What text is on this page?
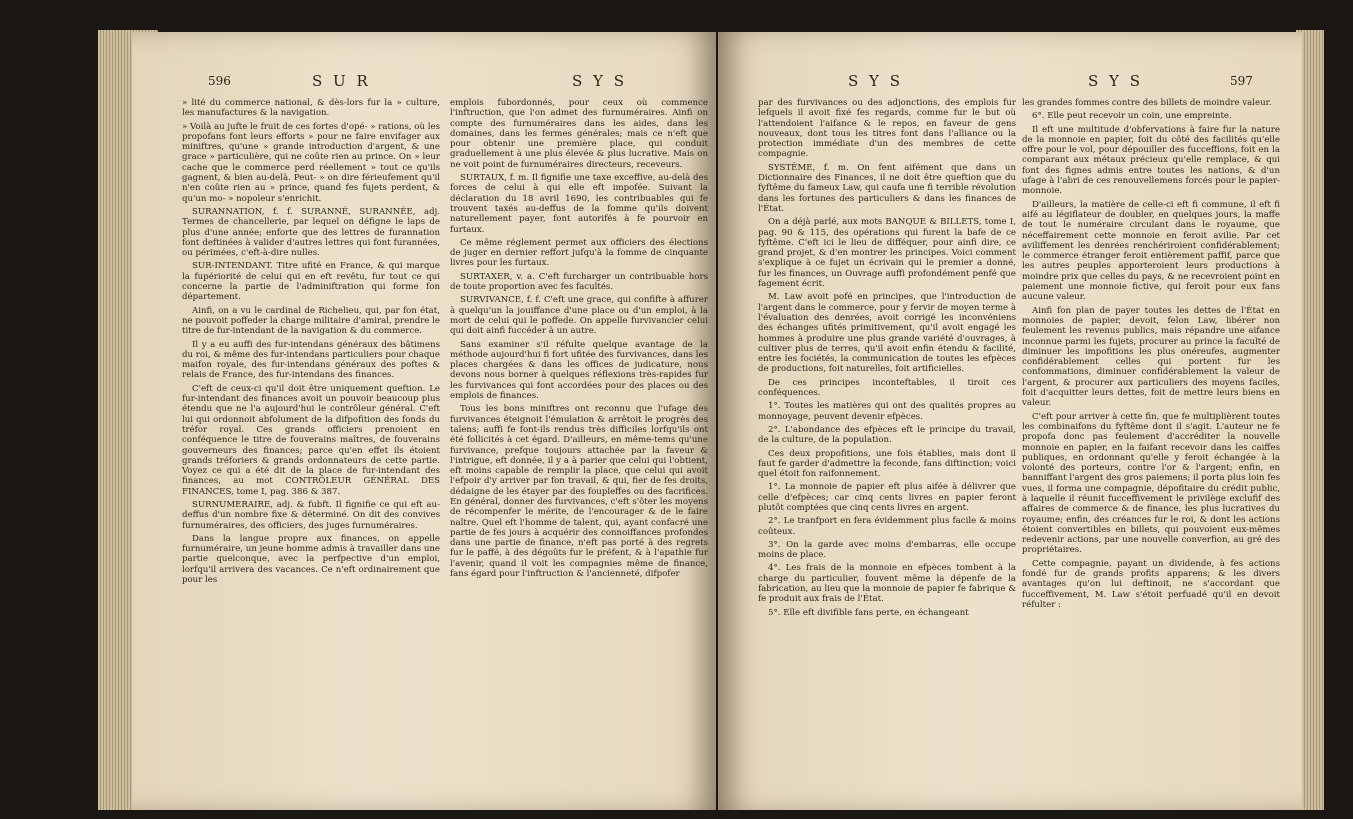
596	S U R	S Y S

» lité du commerce national, & dès-lors fur la » culture, les manufactures & la navigation.

» Voilà au jufte le fruit de ces fortes d'opé- » rations, où les propofans font leurs efforts » pour ne faire envifager aux miniftres, qu'une » grande introduction d'argent, & une grace » particulière, qui ne coûte rien au prince. On » leur cache que le commerce perd réellement » tout ce qu'ils gagnent, & bien au-delà. Peut- » on dire férieufement qu'il n'en coûte rien au » prince, quand fes fujets perdent, & qu'un mo- » nopoleur s'enrichit.

SURANNATION, f. f. SURANNÉ, SURANNÉE, adj. Termes de chancellerie, par lequel on défigne le laps de plus d'une année; enforte que des lettres de furannation font deftinées à valider d'autres lettres qui font furannées, ou périmées, c'eft-à-dire nulles.

SUR-INTENDANT. Titre ufité en France, & qui marque la fupériorité de celui qui en eft revêtu, fur tout ce qui concerne la partie de l'adminiftration qui forme fon département.

Ainfi, on a vu le cardinal de Richelieu, qui, par fon état, ne pouvoit poffeder la charge militaire d'amiral, prendre le titre de fur-intendant de la navigation & du commerce.

Il y a eu auffi des fur-intendans généraux des bâtimens du roi, & même des fur-intendans particuliers pour chaque maifon royale, des fur-intendans généraux des poftes & relais de France, des fur-intendans des finances.

C'eft de ceux-ci qu'il doit être uniquement queftion. Le fur-intendant des finances avoit un pouvoir beaucoup plus étendu que ne l'a aujourd'hui le contrôleur général. C'eft lui qui ordonnoit abfolument de la difpofition des fonds du tréfor royal. Ces grands officiers prenoient en conféquence le titre de fouverains maîtres, de fouverains gouverneurs des finances; parce qu'en effet ils étoient grands tréforiers & grands ordonnateurs de cette partie. Voyez ce qui a été dit de la place de fur-intendant des finances, au mot CONTRÔLEUR GÉNÉRAL DES FINANCES, tome I, pag. 386 & 387.

SURNUMERAIRE, adj. & fubft. Il fignifie ce qui eft au-deffus d'un nombre fixe & déterminé. On dit des convives furnuméraires, des officiers, des juges furnuméraires.

Dans la langue propre aux finances, on appelle furnuméraire, un jeune homme admis à travailler dans une partie quelconque, avec la perfpective d'un emploi, lorfqu'il arrivera des vacances. Ce n'eft ordinairement que pour les

emplois fubordonnés, pour ceux où commence l'inftruction, que l'on admet des furnuméraires. Ainfi on compte des furnuméraires dans les aides, dans les domaines, dans les fermes générales; mais ce n'eft que pour obtenir une première place, qui conduit graduellement à une plus élevée & plus lucrative. Mais on ne voit point de furnuméraires directeurs, receveurs.

SURTAUX, f. m. Il fignifie une taxe exceffive, au-delà des forces de celui à qui elle eft impofée. Suivant la déclaration du 18 avril 1690, les contribuables qui fe trouvent taxés au-deffus de la fomme qu'ils doivent naturellement payer, font autorifés à fe pourvoir en furtaux.

Ce même réglement permet aux officiers des élections de juger en dernier reffort jufqu'à la fomme de cinquante livres pour les furtaux.

SURTAXER, v. a. C'eft furcharger un contribuable hors de toute proportion avec fes facultés.

SURVIVANCE, f. f. C'eft une grace, qui confifte à affurer à quelqu'un la jouiffance d'une place ou d'un emploi, à la mort de celui qui le poffede. On appelle furvivancier celui qui doit ainfi fuccéder à un autre.

Sans examiner s'il réfulte quelque avantage de la méthode aujourd'hui fi fort ufitée des furvivances, dans les places chargées & dans les offices de judicature, nous devons nous borner à quelques réflexions très-rapides fur les furvivances qui font accordées pour des places ou des emplois de finances.

Tous les bons miniftres ont reconnu que l'ufage des furvivances éteignoit l'émulation & arrêtoit le progrès des talens; auffi fe font-ils rendus très difficiles lorfqu'ils ont été follicités à cet égard. D'ailleurs, en même-tems qu'une furvivance, prefque toujours attachée par la faveur & l'intrigue, eft donnée, il y a à parier que celui qui l'obtient, eft moins capable de remplir la place, que celui qui avoit l'efpoir d'y arriver par fon travail, & qui, fier de fes droits, dédaigne de les étayer par des foupleffes ou des facrifices. En général, donner des furvivances, c'eft s'ôter les moyens de récompenfer le mérite, de l'encourager & de le faire naître. Quel eft l'homme de talent, qui, ayant confacré une partie de fes jours à acquérir des connoiffances profondes dans une partie de finance, n'eft pas porté à des regrets fur le paffé, à des dégoûts fur le préfent, & à l'apathie fur l'avenir, quand il voit les compagnies même de finance, fans égard pour l'inftruction & l'ancienneté, difpofer

S Y S	S Y S	597

par des furvivances ou des adjonctions, des emplois fur lefquels il avoit fixé fes regards, comme fur le but où l'attendoient l'aifance & le repos, en faveur de gens nouveaux, dont tous les titres font dans l'alliance ou la protection immédiate d'un des membres de cette compagnie.

SYSTÊME, f. m. On fent aifément que dans un Dictionnaire des Finances, il ne doit être queftion que du fyftême du fameux Law, qui caufa une fi terrible révolution dans les fortunes des particuliers & dans les finances de l'État.

On a déjà parlé, aux mots BANQUE & BILLETS, tome I, pag. 90 & 115, des opérations qui furent la bafe de ce fyftême. C'eft ici le lieu de difféquer, pour ainfi dire, ce grand projet, & d'en montrer les principes. Voici comment s'explique à ce fujet un écrivain qui le premier a donné, fur les finances, un Ouvrage auffi profondément penfé que fagement écrit.

M. Law avoit pofé en principes, que l'introduction de l'argent dans le commerce, pour y fervir de moyen terme à l'évaluation des denrées, avoit corrigé les inconvéniens des échanges ufités primitivement, qu'il avoit engagé les hommes à produire une plus grande variété d'ouvrages, à cultiver plus de terres, qu'il avoit enfin étendu & facilité, entre les fociétés, la communication de toutes les efpèces de productions, foit naturelles, foit artificielles.

De ces principes inconteftables, il tiroit ces conféquences.

1°. Toutes les matières qui ont des qualités propres au monnoyage, peuvent devenir efpèces.

2°. L'abondance des efpèces eft le principe du travail, de la culture, de la population.

Ces deux propofitions, une fois établies, mais dont il faut fe garder d'admettre la feconde, fans diftinction; voici quel étoit fon raifonnement.

1°. La monnoie de papier eft plus aifée à délivrer que celle d'efpèces; car cinq cents livres en papier feront plutôt comptées que cinq cents livres en argent.

2°. Le tranfport en fera évidemment plus facile & moins coûteux.

3°. On la garde avec moins d'embarras, elle occupe moins de place.

4°. Les frais de la monnoie en efpèces tombent à la charge du particulier, fouvent même la dépenfe de la fabrication, au lieu que la monnoie de papier fe fabrique & fe produit aux frais de l'État.

5°. Elle eft divifible fans perte, en échangeant

les grandes fommes contre des billets de moindre valeur.

6°. Elle peut recevoir un coin, une empreinte.

Il eft une multitude d'obfervations à faire fur la nature de la monnoie en papier, foit du côté des facilités qu'elle offre pour le vol, pour dépouiller des fucceffions, foit en la comparant aux métaux précieux qu'elle remplace, & qui font des fignes admis entre toutes les nations, & d'un ufage à l'abri de ces renouvellemens forcés pour le papier-monnoie.

D'ailleurs, la matière de celle-ci eft fi commune, il eft fi aifé au légiflateur de doubler, en quelques jours, la maffe de tout le numéraire circulant dans le royaume, que néceffairement cette monnoie en feroit avilie. Par cet aviliffement les denrées renchériroient confidérablement; le commerce étranger feroit entièrement paffif, parce que les autres peuples apporteroient leurs productions à moindre prix que celles du pays, & ne recevroient point en paiement une monnoie fictive, qui feroit pour eux fans aucune valeur.

Ainfi fon plan de payer toutes les dettes de l'État en monnoies de papier, devoit, felon Law, libérer non feulement les revenus publics, mais répandre une aifance inconnue parmi les fujets, procurer au prince la faculté de diminuer les impofitions les plus onéreufes, augmenter confidérablement celles qui portent fur les confommations, diminuer confidérablement la valeur de l'argent, & procurer aux particuliers des moyens faciles, foit d'acquitter leurs dettes, foit de mettre leurs biens en valeur.

C'eft pour arriver à cette fin, que fe multiplièrent toutes les combinaifons du fyftême dont il s'agit. L'auteur ne fe propofa donc pas feulement d'accréditer la nouvelle monnoie en papier, en la faifant recevoir dans les caiffes publiques, en ordonnant qu'elle y feroit échangée à la volonté des porteurs, contre l'or & l'argent; enfin, en banniffant l'argent des gros paiemens; il porta plus loin fes vues, il forma une compagnie, dépofitaire du crédit public, à laquelle il réunit fucceffivement le privilège exclufif des affaires de commerce & de finance, les plus lucratives du royaume; enfin, des créances fur le roi, & dont les actions étoient convertibles en billets, qui pouvoient eux-mêmes redevenir actions, par une nouvelle converfion, au gré des propriétaires.

Cette compagnie, payant un dividende, à fes actions fondé fur de grands profits apparens; & les divers avantages qu'on lui deftinoit, ne s'accordant que fucceffivement, M. Law s'étoit perfuadé qu'il en devoit réfulter :
